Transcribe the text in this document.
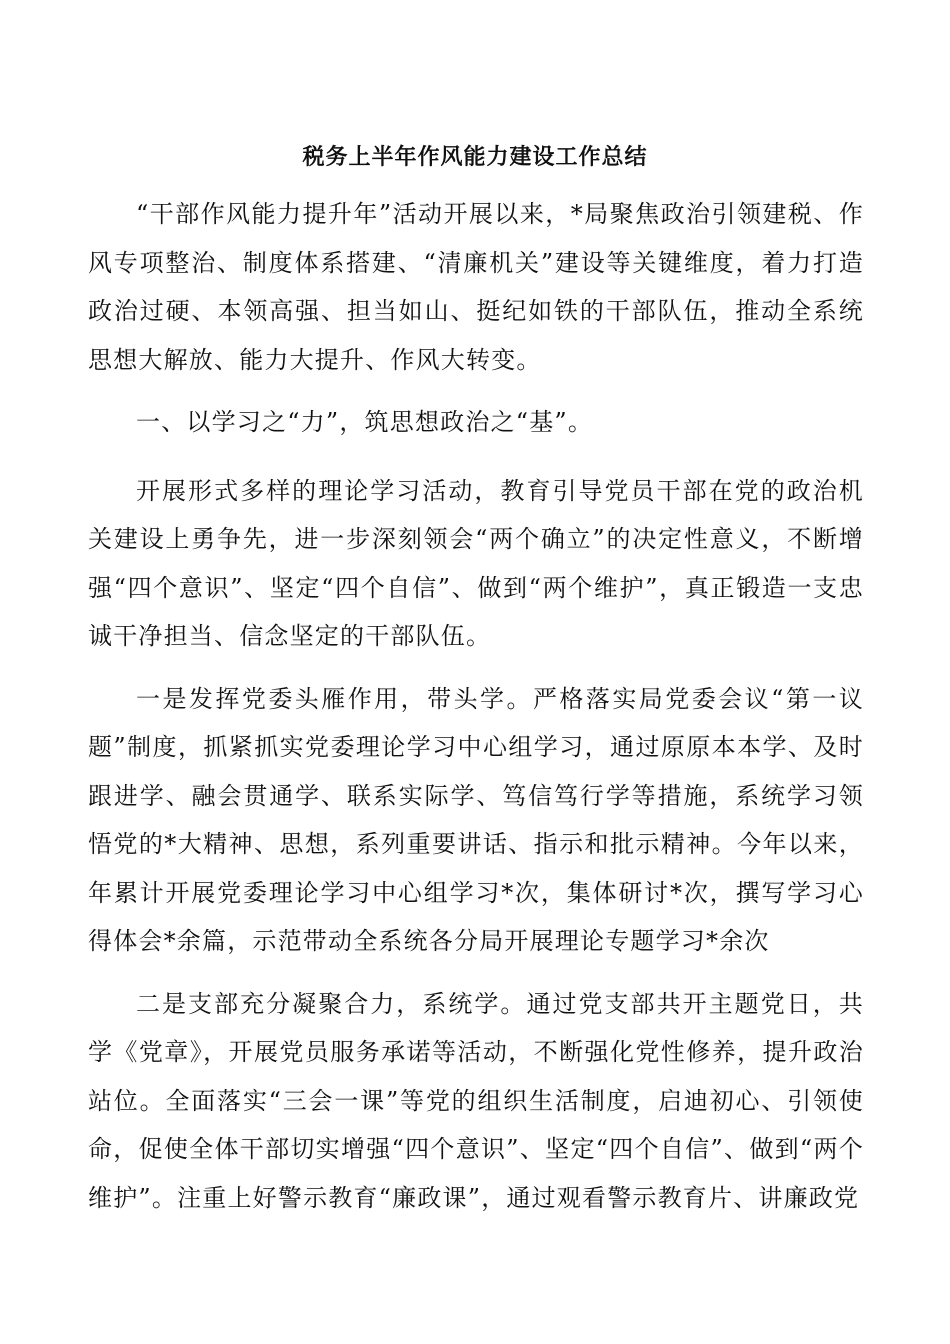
税务上半年作风能力建设工作总结

“干部作风能力提升年”活动开展以来，*局聚焦政治引领建税、作风专项整治、制度体系搭建、“清廉机关”建设等关键维度，着力打造政治过硬、本领高强、担当如山、挺纪如铁的干部队伍，推动全系统思想大解放、能力大提升、作风大转变。

一、以学习之“力”，筑思想政治之“基”。

开展形式多样的理论学习活动，教育引导党员干部在党的政治机关建设上勇争先，进一步深刻领会“两个确立”的决定性意义，不断增强“四个意识”、坚定“四个自信”、做到“两个维护”，真正锻造一支忠诚干净担当、信念坚定的干部队伍。

一是发挥党委头雁作用，带头学。严格落实局党委会议“第一议题”制度，抓紧抓实党委理论学习中心组学习，通过原原本本学、及时跟进学、融会贯通学、联系实际学、笃信笃行学等措施，系统学习领悟党的*大精神、思想，系列重要讲话、指示和批示精神。今年以来，年累计开展党委理论学习中心组学习*次，集体研讨*次，撰写学习心得体会*余篇，示范带动全系统各分局开展理论专题学习*余次

二是支部充分凝聚合力，系统学。通过党支部共开主题党日，共学《党章》，开展党员服务承诺等活动，不断强化党性修养，提升政治站位。全面落实“三会一课”等党的组织生活制度，启迪初心、引领使命，促使全体干部切实增强“四个意识”、坚定“四个自信”、做到“两个维护”。注重上好警示教育“廉政课”，通过观看警示教育片、讲廉政党
